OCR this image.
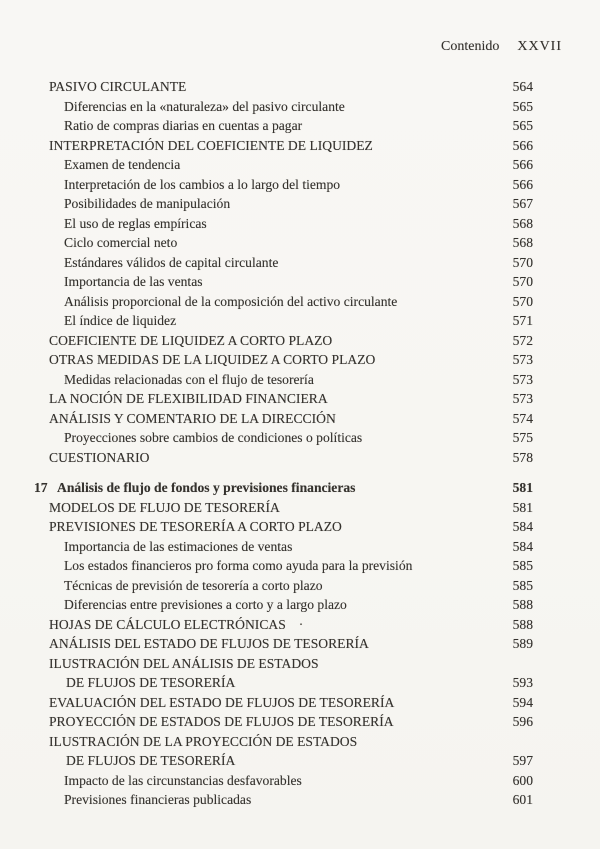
Contenido XXVII
PASIVO CIRCULANTE	564
Diferencias en la «naturaleza» del pasivo circulante	565
Ratio de compras diarias en cuentas a pagar	565
INTERPRETACIÓN DEL COEFICIENTE DE LIQUIDEZ	566
Examen de tendencia	566
Interpretación de los cambios a lo largo del tiempo	566
Posibilidades de manipulación	567
El uso de reglas empíricas	568
Ciclo comercial neto	568
Estándares válidos de capital circulante	570
Importancia de las ventas	570
Análisis proporcional de la composición del activo circulante	570
El índice de liquidez	571
COEFICIENTE DE LIQUIDEZ A CORTO PLAZO	572
OTRAS MEDIDAS DE LA LIQUIDEZ A CORTO PLAZO	573
Medidas relacionadas con el flujo de tesorería	573
LA NOCIÓN DE FLEXIBILIDAD FINANCIERA	573
ANÁLISIS Y COMENTARIO DE LA DIRECCIÓN	574
Proyecciones sobre cambios de condiciones o políticas	575
CUESTIONARIO	578
17 Análisis de flujo de fondos y previsiones financieras	581
MODELOS DE FLUJO DE TESORERÍA	581
PREVISIONES DE TESORERÍA A CORTO PLAZO	584
Importancia de las estimaciones de ventas	584
Los estados financieros pro forma como ayuda para la previsión	585
Técnicas de previsión de tesorería a corto plazo	585
Diferencias entre previsiones a corto y a largo plazo	588
HOJAS DE CÁLCULO ELECTRÓNICAS ·	588
ANÁLISIS DEL ESTADO DE FLUJOS DE TESORERÍA	589
ILUSTRACIÓN DEL ANÁLISIS DE ESTADOS
DE FLUJOS DE TESORERÍA	593
EVALUACIÓN DEL ESTADO DE FLUJOS DE TESORERÍA	594
PROYECCIÓN DE ESTADOS DE FLUJOS DE TESORERÍA	596
ILUSTRACIÓN DE LA PROYECCIÓN DE ESTADOS
DE FLUJOS DE TESORERÍA	597
Impacto de las circunstancias desfavorables	600
Previsiones financieras publicadas	601
